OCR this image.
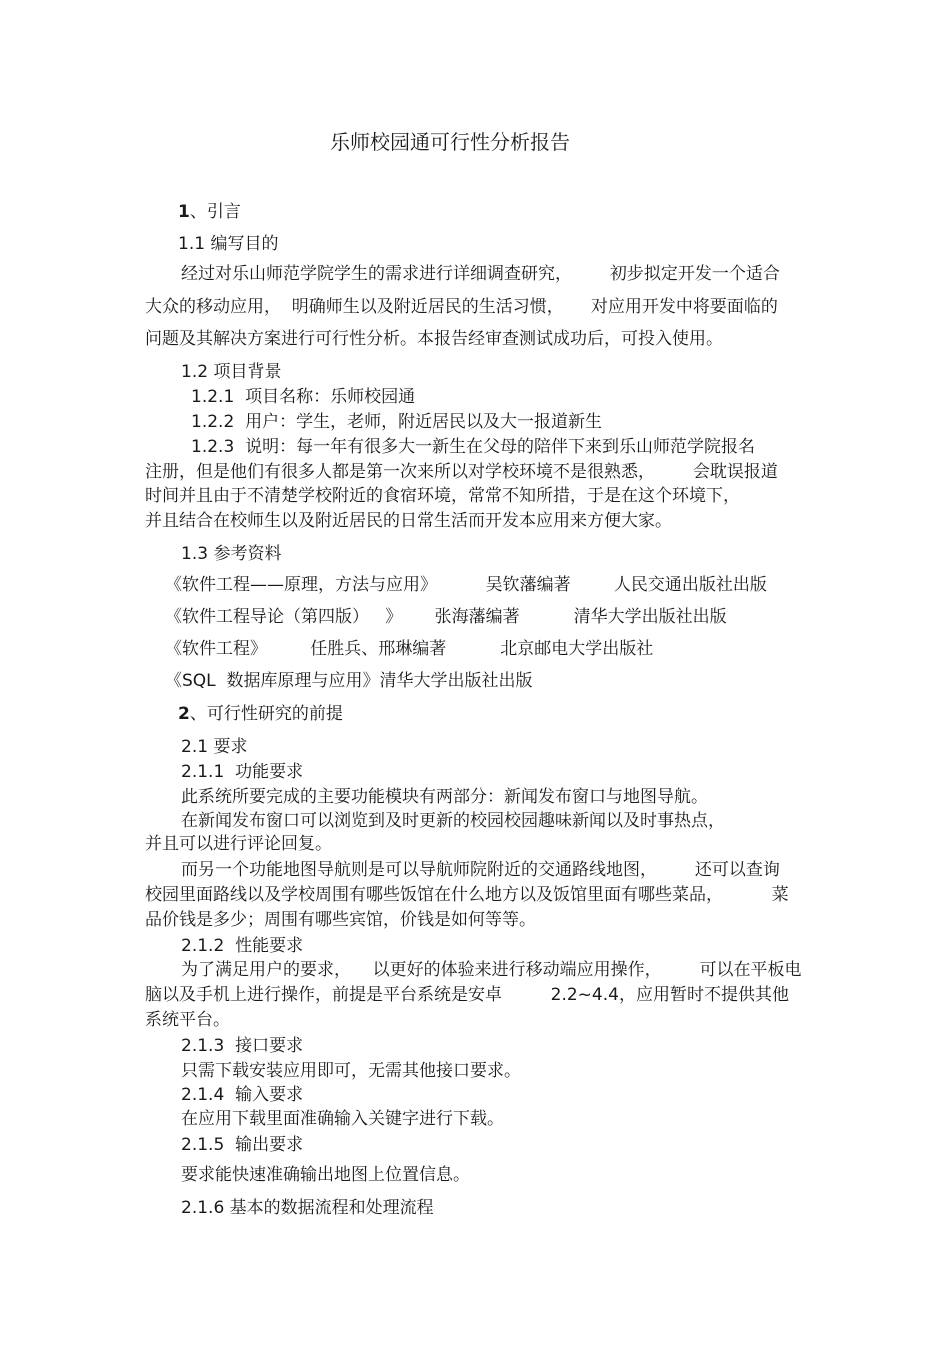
乐师校园通可行性分析报告
1、引言
1.1 编写目的
经过对乐山师范学院学生的需求进行详细调查研究，       初步拟定开发一个适合
大众的移动应用，  明确师生以及附近居民的生活习惯，     对应用开发中将要面临的
问题及其解决方案进行可行性分析。本报告经审查测试成功后，可投入使用。
1.2 项目背景
1.2.1  项目名称：乐师校园通
1.2.2  用户：学生，老师，附近居民以及大一报道新生
1.2.3  说明：每一年有很多大一新生在父母的陪伴下来到乐山师范学院报名
注册，但是他们有很多人都是第一次来所以对学校环境不是很熟悉，       会耽误报道
时间并且由于不清楚学校附近的食宿环境，常常不知所措，于是在这个环境下，
并且结合在校师生以及附近居民的日常生活而开发本应用来方便大家。
1.3 参考资料
《软件工程——原理，方法与应用》         吴钦藩编著        人民交通出版社出版
《软件工程导论（第四版）   》      张海藩编著          清华大学出版社出版
《软件工程》        任胜兵、邢琳编著          北京邮电大学出版社
《SQL  数据库原理与应用》清华大学出版社出版
2、可行性研究的前提
2.1 要求
2.1.1  功能要求
此系统所要完成的主要功能模块有两部分：新闻发布窗口与地图导航。
在新闻发布窗口可以浏览到及时更新的校园校园趣味新闻以及时事热点，
并且可以进行评论回复。
而另一个功能地图导航则是可以导航师院附近的交通路线地图，       还可以查询
校园里面路线以及学校周围有哪些饭馆在什么地方以及饭馆里面有哪些菜品，         菜
品价钱是多少；周围有哪些宾馆，价钱是如何等等。
2.1.2  性能要求
为了满足用户的要求，    以更好的体验来进行移动端应用操作，       可以在平板电
脑以及手机上进行操作，前提是平台系统是安卓         2.2~4.4，应用暂时不提供其他
系统平台。
2.1.3  接口要求
只需下载安装应用即可，无需其他接口要求。
2.1.4  输入要求
在应用下载里面准确输入关键字进行下载。
2.1.5  输出要求
要求能快速准确输出地图上位置信息。
2.1.6 基本的数据流程和处理流程
